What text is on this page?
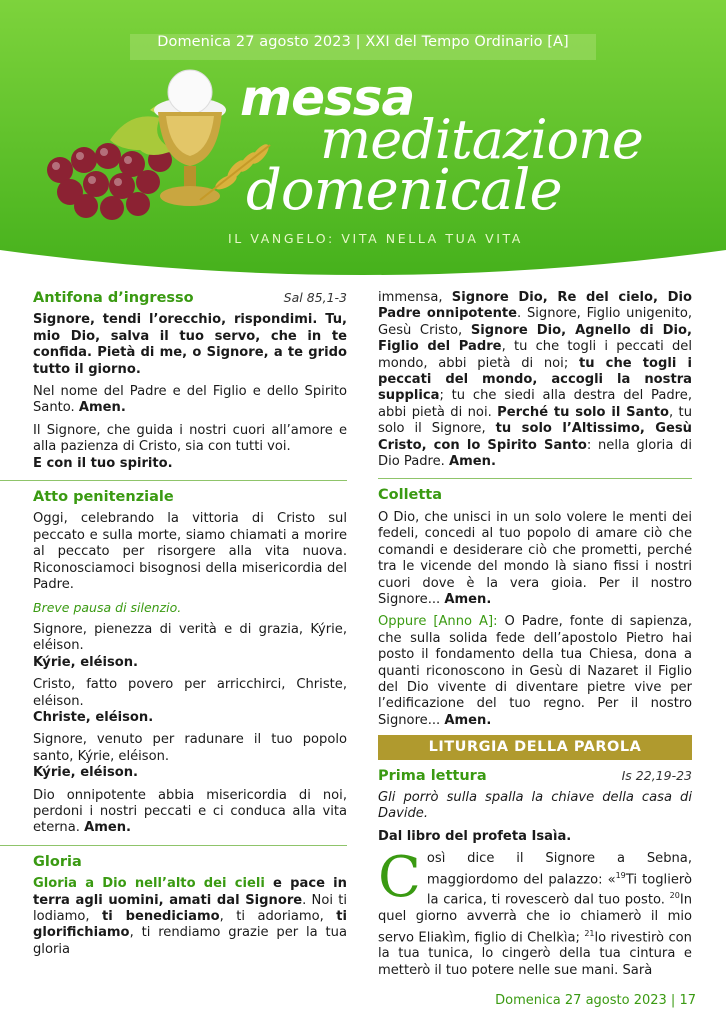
Domenica 27 agosto 2023 | XXI del Tempo Ordinario [A]
messa
meditazione
domenicale
IL VANGELO: VITA NELLA TUA VITA
Antifona d’ingresso	Sal 85,1-3

Signore, tendi l’orecchio, rispondimi. Tu, mio Dio, salva il tuo servo, che in te confida. Pietà di me, o Signore, a te grido tutto il giorno.

Nel nome del Padre e del Figlio e dello Spirito Santo. Amen.

Il Signore, che guida i nostri cuori all’amore e alla pazienza di Cristo, sia con tutti voi.
E con il tuo spirito.

Atto penitenziale

Oggi, celebrando la vittoria di Cristo sul peccato e sulla morte, siamo chiamati a morire al peccato per risorgere alla vita nuova. Riconosciamoci bisognosi della misericordia del Padre.

Breve pausa di silenzio.

Signore, pienezza di verità e di grazia, Kýrie, eléison.
Kýrie, eléison.

Cristo, fatto povero per arricchirci, Christe, eléison.
Christe, eléison.

Signore, venuto per radunare il tuo popolo santo, Kýrie, eléison.
Kýrie, eléison.

Dio onnipotente abbia misericordia di noi, perdoni i nostri peccati e ci conduca alla vita eterna. Amen.

Gloria

Gloria a Dio nell’alto dei cieli e pace in terra agli uomini, amati dal Signore. Noi ti lodiamo, ti benediciamo, ti adoriamo, ti glorifichiamo, ti rendiamo grazie per la tua gloria

immensa, Signore Dio, Re del cielo, Dio Padre onnipotente. Signore, Figlio unigenito, Gesù Cristo, Signore Dio, Agnello di Dio, Figlio del Padre, tu che togli i peccati del mondo, abbi pietà di noi; tu che togli i peccati del mondo, accogli la nostra supplica; tu che siedi alla destra del Padre, abbi pietà di noi. Perché tu solo il Santo, tu solo il Signore, tu solo l’Altissimo, Gesù Cristo, con lo Spirito Santo: nella gloria di Dio Padre. Amen.

Colletta

O Dio, che unisci in un solo volere le menti dei fedeli, concedi al tuo popolo di amare ciò che comandi e desiderare ciò che prometti, perché tra le vicende del mondo là siano fissi i nostri cuori dove è la vera gioia. Per il nostro Signore... Amen.

Oppure [Anno A]: O Padre, fonte di sapienza, che sulla solida fede dell’apostolo Pietro hai posto il fondamento della tua Chiesa, dona a quanti riconoscono in Gesù di Nazaret il Figlio del Dio vivente di diventare pietre vive per l’edificazione del tuo regno. Per il nostro Signore... Amen.

LITURGIA DELLA PAROLA
Prima lettura	Is 22,19-23

Gli porrò sulla spalla la chiave della casa di Davide.

Dal libro del profeta Isaìa.

Così dice il Signore a Sebna, maggiordomo del palazzo: «$^{19}$Ti toglierò la carica, ti rovescerò dal tuo posto. $^{20}$In quel giorno avverrà che io chiamerò il mio servo Eliakìm, figlio di Chelkìa; $^{21}$lo rivestirò con la tua tunica, lo cingerò della tua cintura e metterò il tuo potere nelle sue mani. Sarà

Domenica 27 agosto 2023 | 17
